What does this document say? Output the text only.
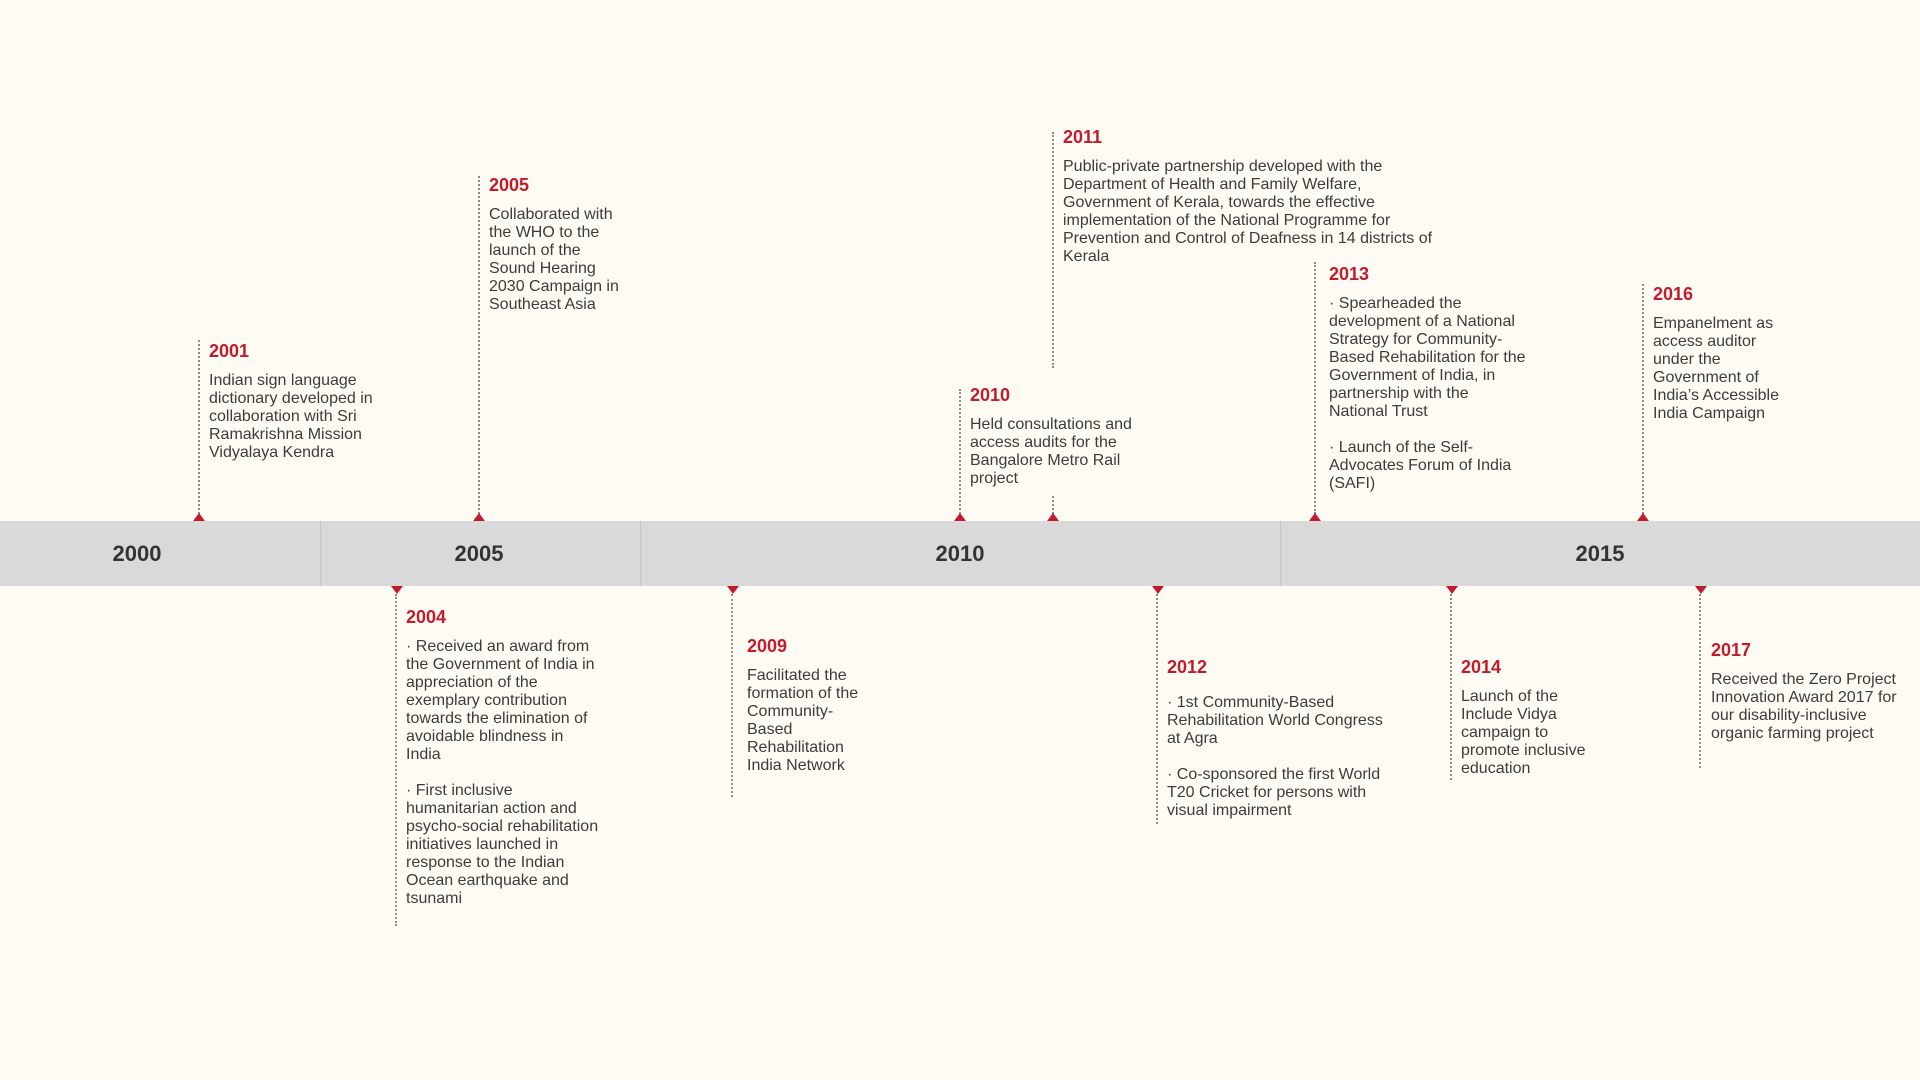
2000	2005	2010	2015
2001
Indian sign language dictionary developed in collaboration with Sri Ramakrishna Mission Vidyalaya Kendra
2005
Collaborated with the WHO to the launch of the Sound Hearing 2030 Campaign in Southeast Asia
2010
Held consultations and access audits for the Bangalore Metro Rail project
2011
Public-private partnership developed with the Department of Health and Family Welfare, Government of Kerala, towards the effective implementation of the National Programme for Prevention and Control of Deafness in 14 districts of Kerala
2013
· Spearheaded the development of a National Strategy for Community-Based Rehabilitation for the Government of India, in partnership with the National Trust
· Launch of the Self-Advocates Forum of India (SAFI)
2016
Empanelment as access auditor under the Government of India’s Accessible India Campaign
2004
· Received an award from the Government of India in appreciation of the exemplary contribution towards the elimination of avoidable blindness in India
· First inclusive humanitarian action and psycho-social rehabilitation initiatives launched in response to the Indian Ocean earthquake and tsunami
2009
Facilitated the formation of the Community-Based Rehabilitation India Network
2012
· 1st Community-Based Rehabilitation World Congress at Agra
· Co-sponsored the first World T20 Cricket for persons with visual impairment
2014
Launch of the Include Vidya campaign to promote inclusive education
2017
Received the Zero Project Innovation Award 2017 for our disability-inclusive organic farming project
